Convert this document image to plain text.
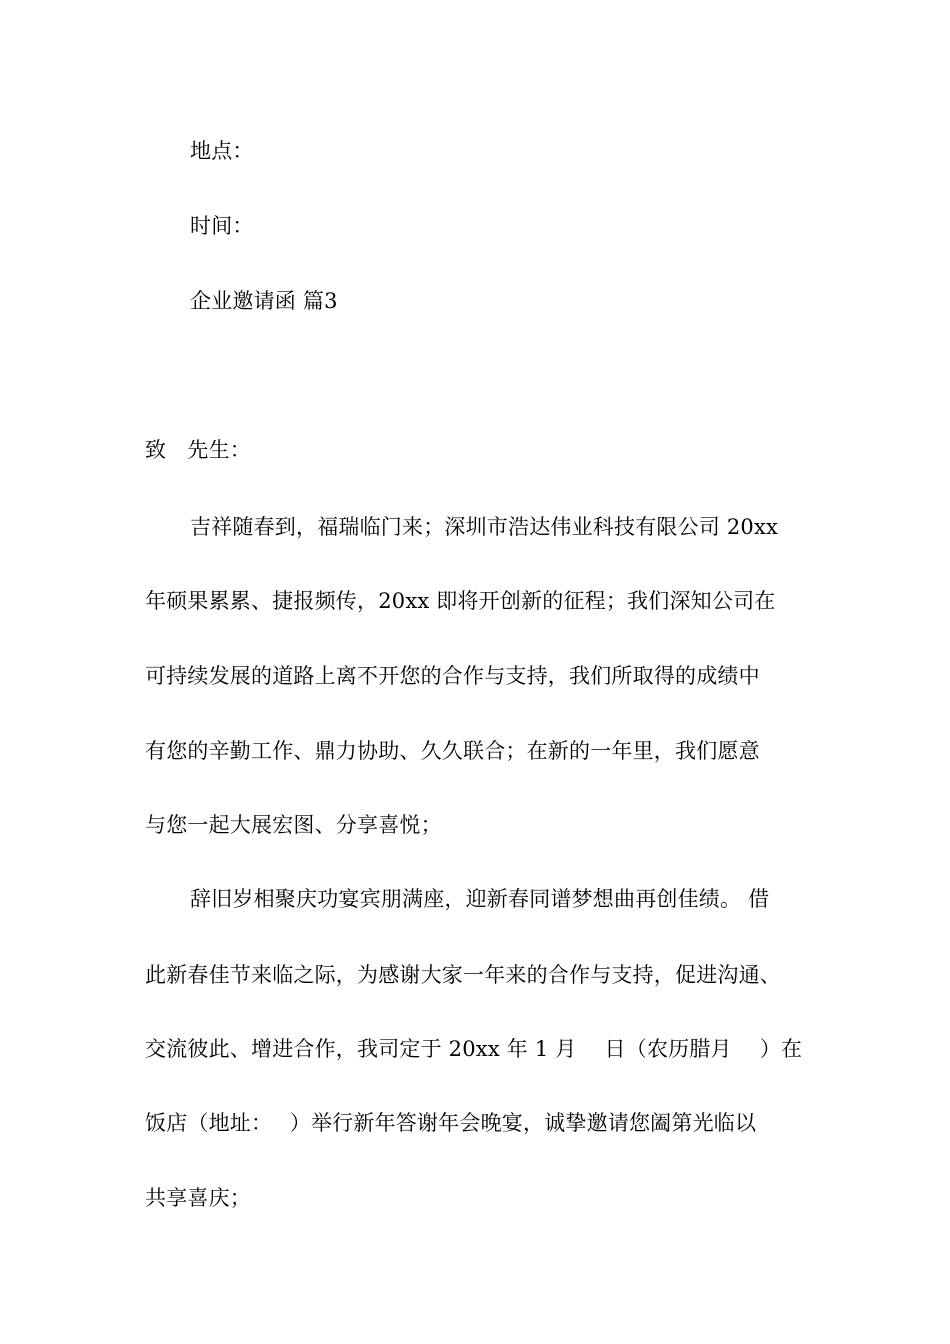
地点：
时间：
企业邀请函 篇3
致　先生：
吉祥随春到，福瑞临门来；深圳市浩达伟业科技有限公司 20xx
年硕果累累、捷报频传，20xx 即将开创新的征程；我们深知公司在
可持续发展的道路上离不开您的合作与支持，我们所取得的成绩中
有您的辛勤工作、鼎力协助、久久联合；在新的一年里，我们愿意
与您一起大展宏图、分享喜悦；
辞旧岁相聚庆功宴宾朋满座，迎新春同谱梦想曲再创佳绩。 借
此新春佳节来临之际，为感谢大家一年来的合作与支持，促进沟通、
交流彼此、增进合作，我司定于 20xx 年 1 月　 日（农历腊月　 ）在
饭店（地址：　 ）举行新年答谢年会晚宴，诚挚邀请您阖第光临以
共享喜庆；
